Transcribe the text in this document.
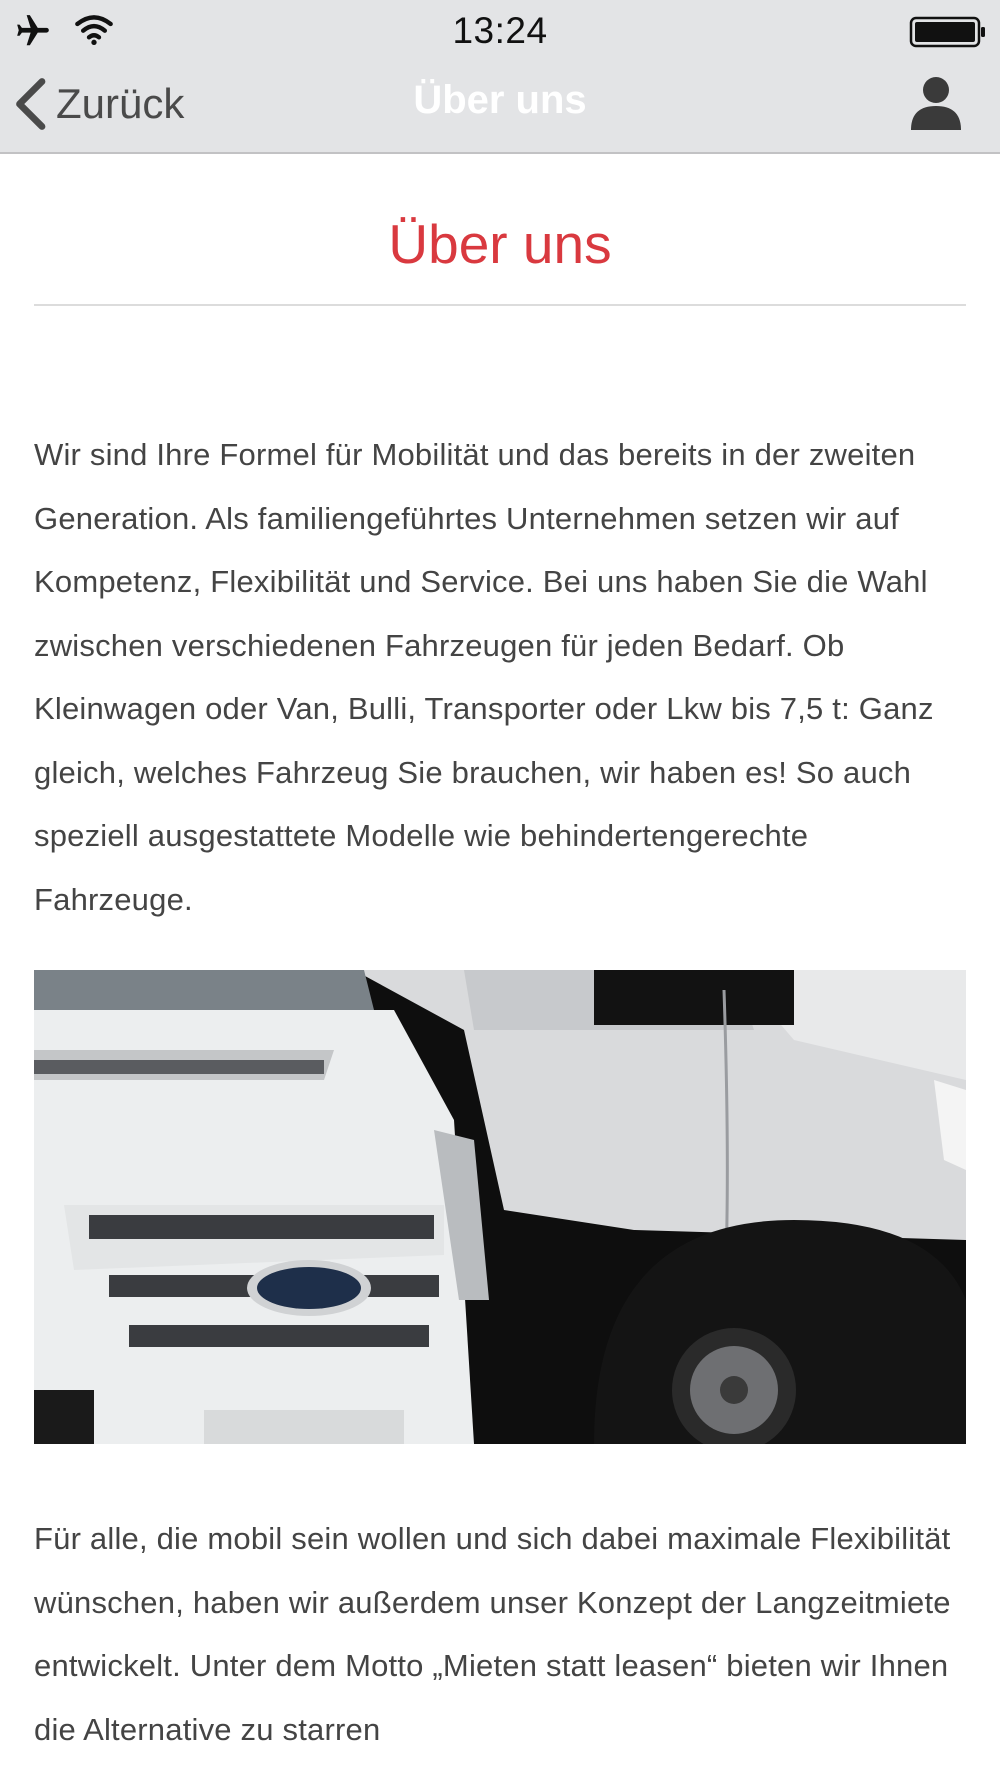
13:24
Zurück	Über uns
Über uns

Wir sind Ihre Formel für Mobilität und das bereits in der zweiten Generation. Als familiengeführtes Unternehmen setzen wir auf Kompetenz, Flexibilität und Service. Bei uns haben Sie die Wahl zwischen verschiedenen Fahrzeugen für jeden Bedarf. Ob Kleinwagen oder Van, Bulli, Transporter oder Lkw bis 7,5 t: Ganz gleich, welches Fahrzeug Sie brauchen, wir haben es! So auch speziell ausgestattete Modelle wie behindertengerechte Fahrzeuge.

Für alle, die mobil sein wollen und sich dabei maximale Flexibilität wünschen, haben wir außerdem unser Konzept der Langzeitmiete entwickelt. Unter dem Motto „Mieten statt leasen“ bieten wir Ihnen die Alternative zu starren
